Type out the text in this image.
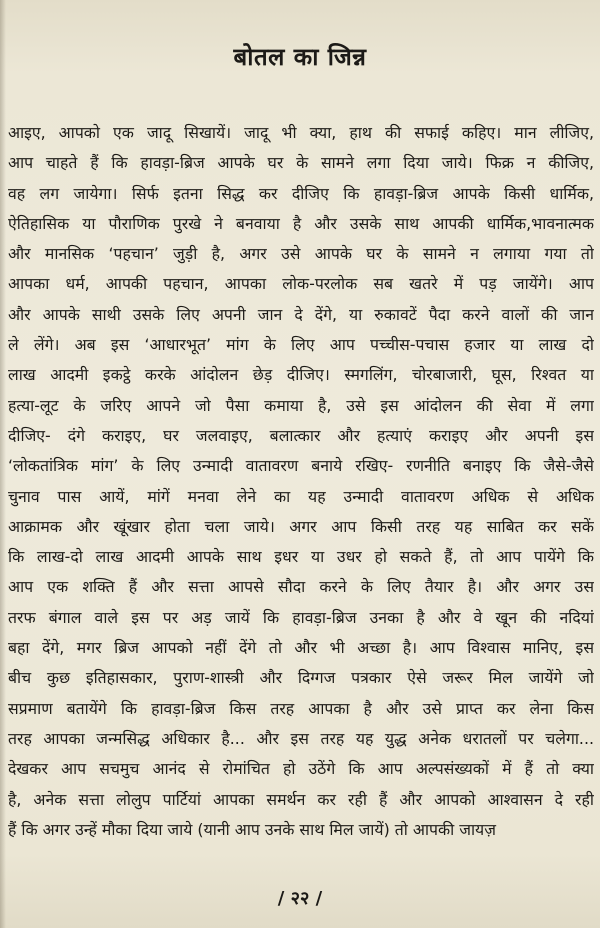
बोतल का जिन्न
आइए, आपको एक जादू सिखायें। जादू भी क्या, हाथ की सफाई कहिए। मान लीजिए,
आप चाहते हैं कि हावड़ा-ब्रिज आपके घर के सामने लगा दिया जाये। फिक्र न कीजिए,
वह लग जायेगा। सिर्फ इतना सिद्ध कर दीजिए कि हावड़ा-ब्रिज आपके किसी धार्मिक,
ऐतिहासिक या पौराणिक पुरखे ने बनवाया है और उसके साथ आपकी धार्मिक,भावनात्मक
और मानसिक ‘पहचान’ जुड़ी है, अगर उसे आपके घर के सामने न लगाया गया तो
आपका धर्म, आपकी पहचान, आपका लोक-परलोक सब खतरे में पड़ जायेंगे। आप
और आपके साथी उसके लिए अपनी जान दे देंगे, या रुकावटें पैदा करने वालों की जान
ले लेंगे। अब इस ‘आधारभूत’ मांग के लिए आप पच्चीस-पचास हजार या लाख दो
लाख आदमी इकट्ठे करके आंदोलन छेड़ दीजिए। स्मगलिंग, चोरबाजारी, घूस, रिश्वत या
हत्या-लूट के जरिए आपने जो पैसा कमाया है, उसे इस आंदोलन की सेवा में लगा
दीजिए- दंगे कराइए, घर जलवाइए, बलात्कार और हत्याएं कराइए और अपनी इस
‘लोकतांत्रिक मांग’ के लिए उन्मादी वातावरण बनाये रखिए- रणनीति बनाइए कि जैसे-जैसे
चुनाव पास आयें, मांगें मनवा लेने का यह उन्मादी वातावरण अधिक से अधिक
आक्रामक और खूंखार होता चला जाये। अगर आप किसी तरह यह साबित कर सकें
कि लाख-दो लाख आदमी आपके साथ इधर या उधर हो सकते हैं, तो आप पायेंगे कि
आप एक शक्ति हैं और सत्ता आपसे सौदा करने के लिए तैयार है। और अगर उस
तरफ बंगाल वाले इस पर अड़ जायें कि हावड़ा-ब्रिज उनका है और वे खून की नदियां
बहा देंगे, मगर ब्रिज आपको नहीं देंगे तो और भी अच्छा है। आप विश्वास मानिए, इस
बीच कुछ इतिहासकार, पुराण-शास्त्री और दिग्गज पत्रकार ऐसे जरूर मिल जायेंगे जो
सप्रमाण बतायेंगे कि हावड़ा-ब्रिज किस तरह आपका है और उसे प्राप्त कर लेना किस
तरह आपका जन्मसिद्ध अधिकार है... और इस तरह यह युद्ध अनेक धरातलों पर चलेगा...
देखकर आप सचमुच आनंद से रोमांचित हो उठेंगे कि आप अल्पसंख्यकों में हैं तो क्या
है, अनेक सत्ता लोलुप पार्टियां आपका समर्थन कर रही हैं और आपको आश्वासन दे रही
हैं कि अगर उन्हें मौका दिया जाये (यानी आप उनके साथ मिल जायें) तो आपकी जायज़
/ २२ /
